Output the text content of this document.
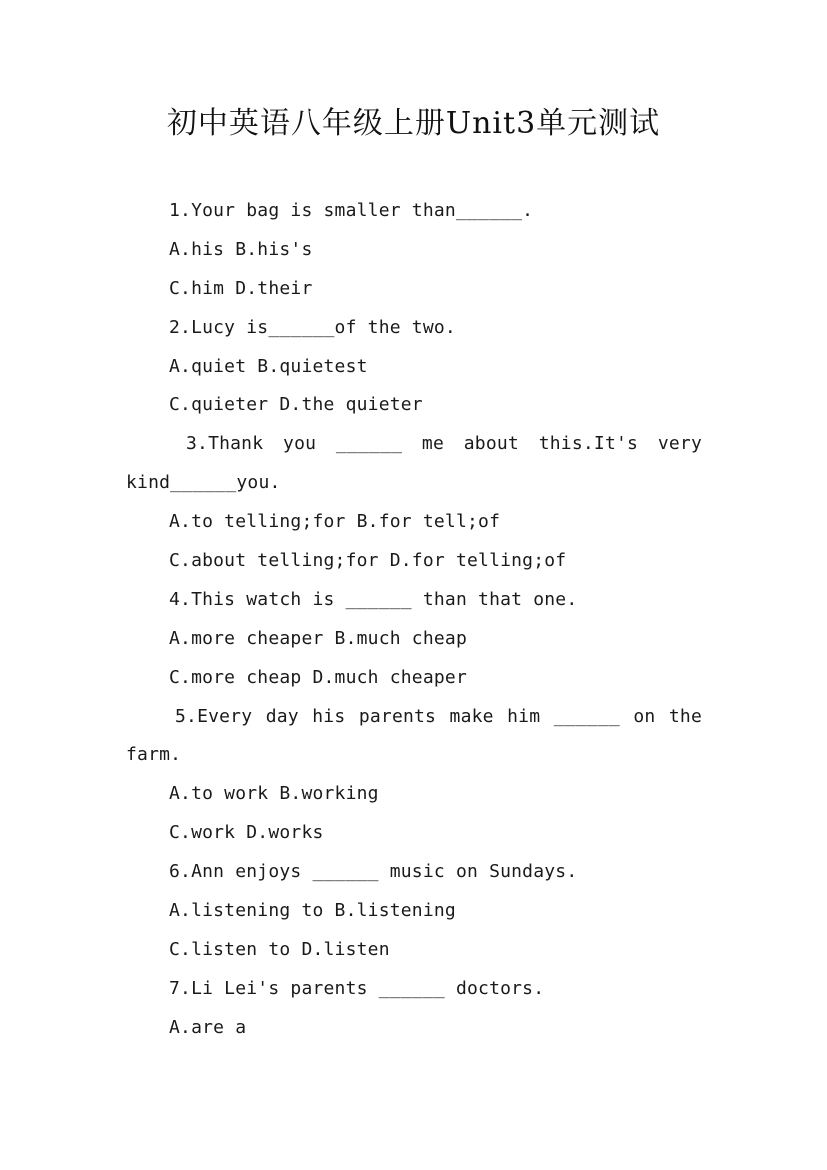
初中英语八年级上册Unit3单元测试
1.Your bag is smaller than______.
A.his B.his's
C.him D.their
2.Lucy is______of the two.
A.quiet B.quietest
C.quieter D.the quieter
3.Thank you ______ me about this.It's very
kind______you.
A.to telling;for B.for tell;of
C.about telling;for D.for telling;of
4.This watch is ______ than that one.
A.more cheaper B.much cheap
C.more cheap D.much cheaper
5.Every day his parents make him ______ on the
farm.
A.to work B.working
C.work D.works
6.Ann enjoys ______ music on Sundays.
A.listening to B.listening
C.listen to D.listen
7.Li Lei's parents ______ doctors.
A.are a
